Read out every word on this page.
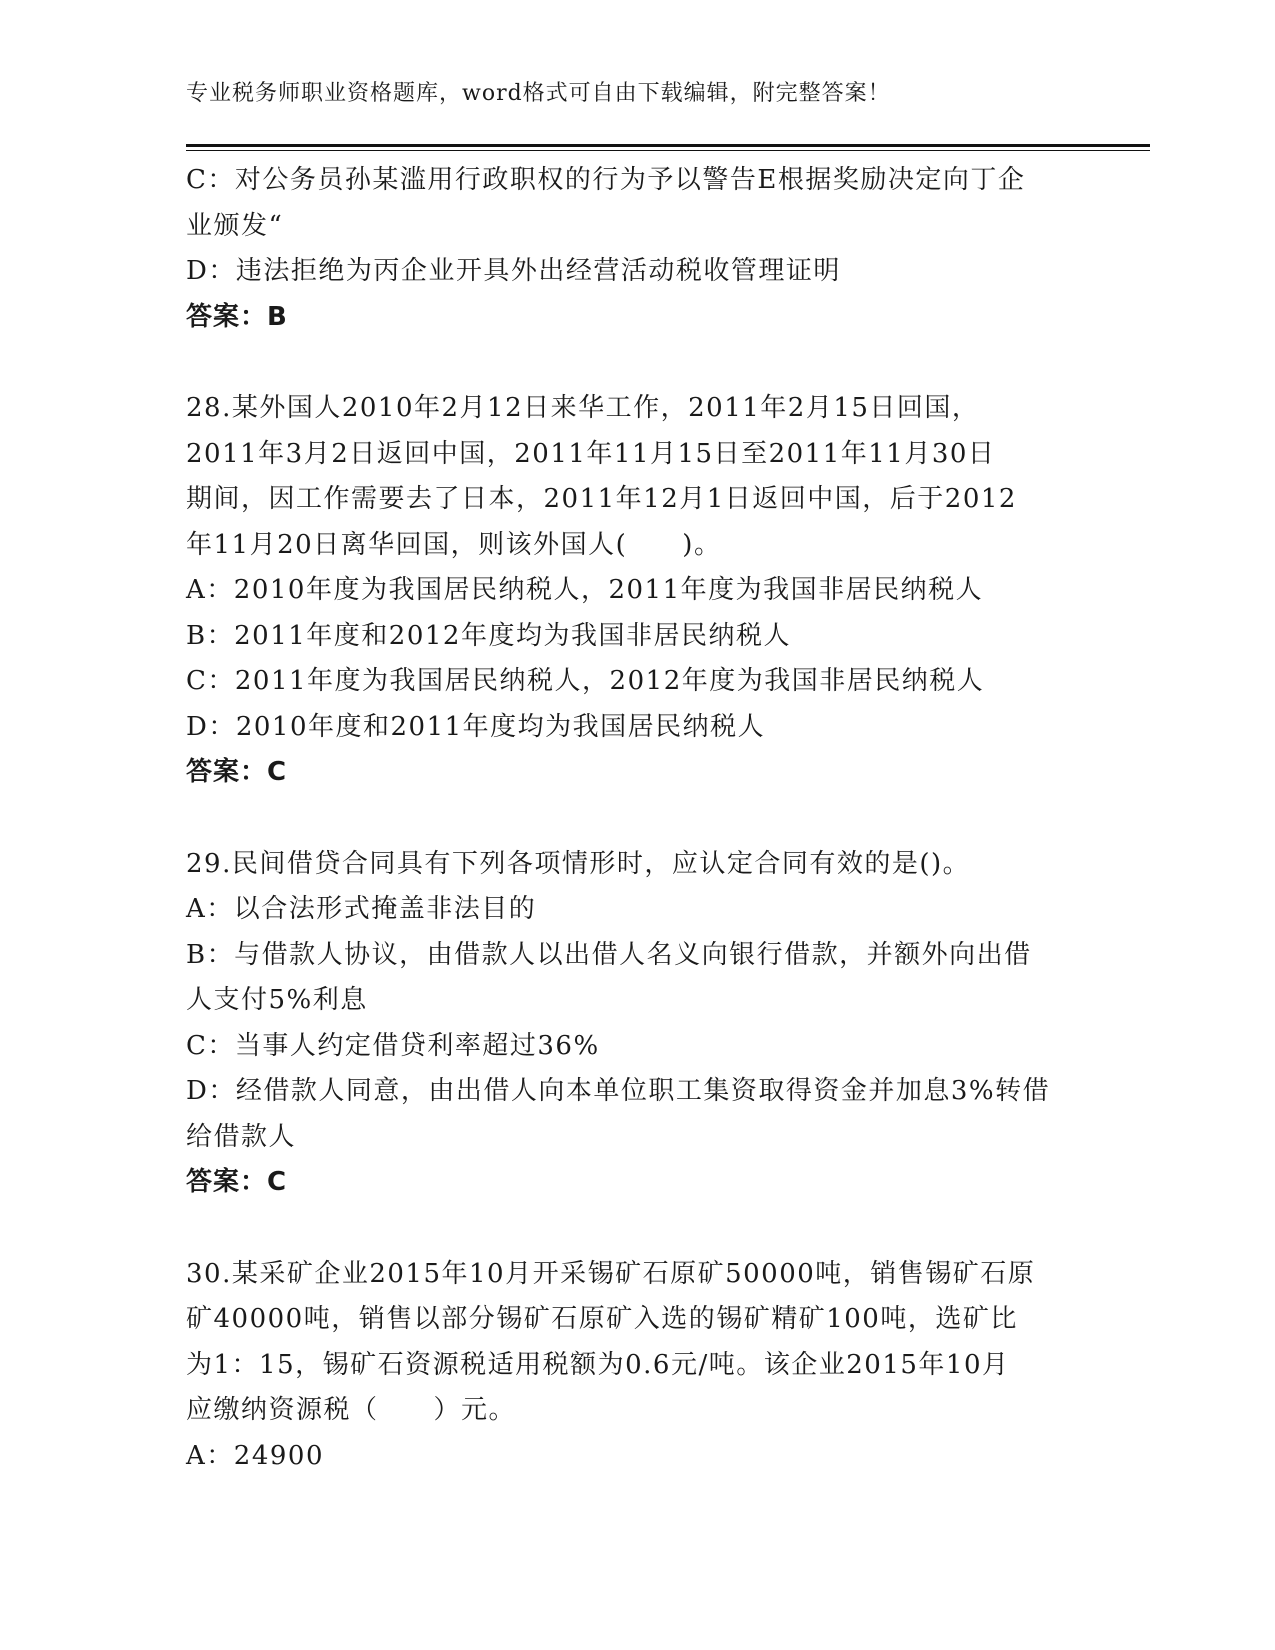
专业税务师职业资格题库，word格式可自由下载编辑，附完整答案！
C：对公务员孙某滥用行政职权的行为予以警告E根据奖励决定向丁企
业颁发“
D：违法拒绝为丙企业开具外出经营活动税收管理证明
答案：B
28.某外国人2010年2月12日来华工作，2011年2月15日回国，
2011年3月2日返回中国，2011年11月15日至2011年11月30日
期间，因工作需要去了日本，2011年12月1日返回中国，后于2012
年11月20日离华回国，则该外国人(　　)。
A：2010年度为我国居民纳税人，2011年度为我国非居民纳税人
B：2011年度和2012年度均为我国非居民纳税人
C：2011年度为我国居民纳税人，2012年度为我国非居民纳税人
D：2010年度和2011年度均为我国居民纳税人
答案：C
29.民间借贷合同具有下列各项情形时，应认定合同有效的是()。
A：以合法形式掩盖非法目的
B：与借款人协议，由借款人以出借人名义向银行借款，并额外向出借
人支付5%利息
C：当事人约定借贷利率超过36%
D：经借款人同意，由出借人向本单位职工集资取得资金并加息3%转借
给借款人
答案：C
30.某采矿企业2015年10月开采锡矿石原矿50000吨，销售锡矿石原
矿40000吨，销售以部分锡矿石原矿入选的锡矿精矿100吨，选矿比
为1：15，锡矿石资源税适用税额为0.6元/吨。该企业2015年10月
应缴纳资源税（　　）元。
A：24900
